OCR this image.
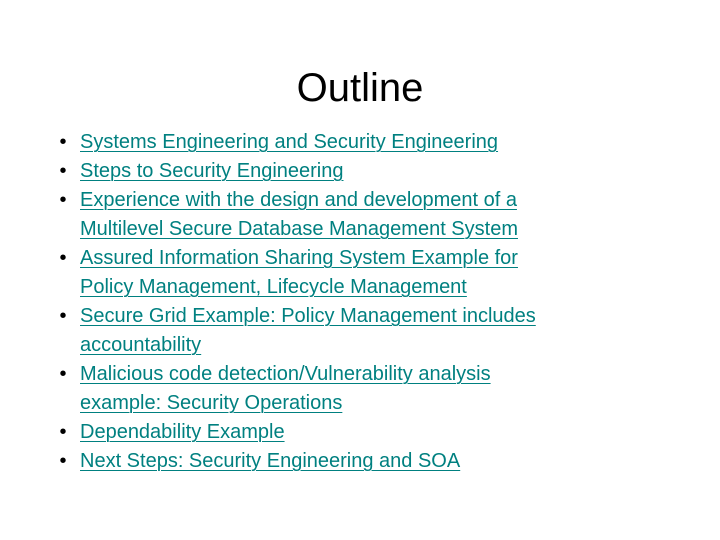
Outline
• Systems Engineering and Security Engineering
• Steps to Security Engineering
• Experience with the design and development of a
Multilevel Secure Database Management System
• Assured Information Sharing System Example for
Policy Management, Lifecycle Management
• Secure Grid Example: Policy Management includes
accountability
• Malicious code detection/Vulnerability analysis
example: Security Operations
• Dependability Example
• Next Steps: Security Engineering and SOA
